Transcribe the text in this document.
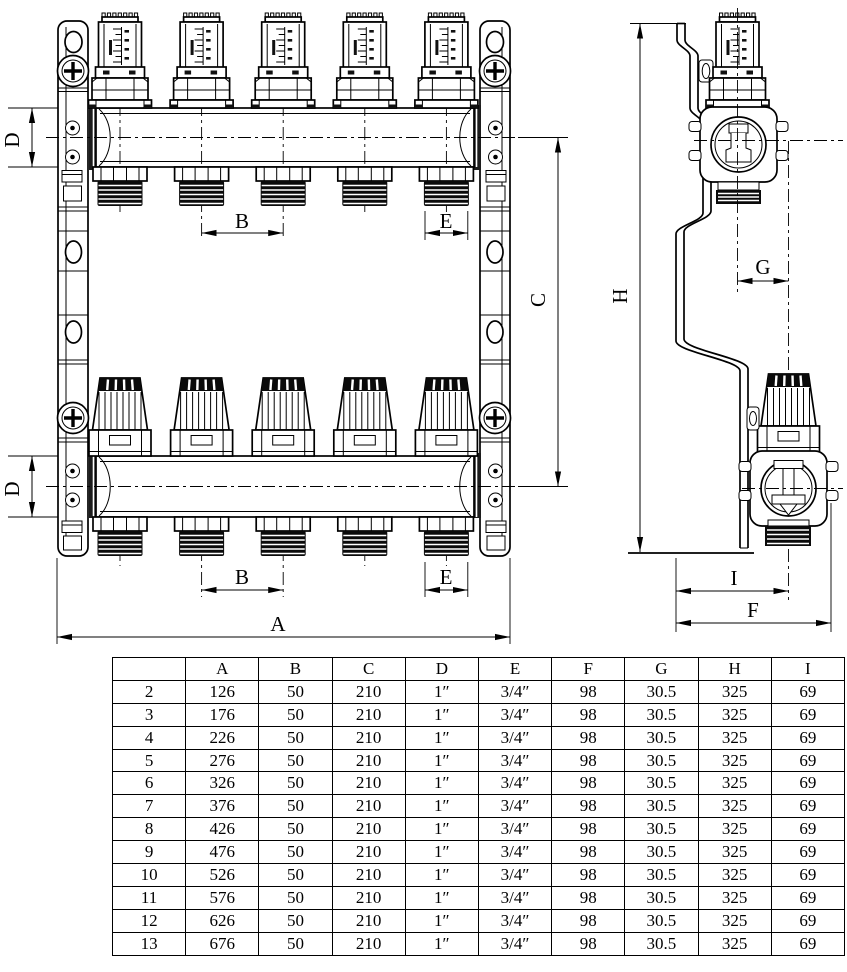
D
B	E
C
D
B	E
A
H
G
I
F
	A	B	C	D	E	F	G	H	I
2	126	50	210	1″	3/4″	98	30.5	325	69
3	176	50	210	1″	3/4″	98	30.5	325	69
4	226	50	210	1″	3/4″	98	30.5	325	69
5	276	50	210	1″	3/4″	98	30.5	325	69
6	326	50	210	1″	3/4″	98	30.5	325	69
7	376	50	210	1″	3/4″	98	30.5	325	69
8	426	50	210	1″	3/4″	98	30.5	325	69
9	476	50	210	1″	3/4″	98	30.5	325	69
10	526	50	210	1″	3/4″	98	30.5	325	69
11	576	50	210	1″	3/4″	98	30.5	325	69
12	626	50	210	1″	3/4″	98	30.5	325	69
13	676	50	210	1″	3/4″	98	30.5	325	69
